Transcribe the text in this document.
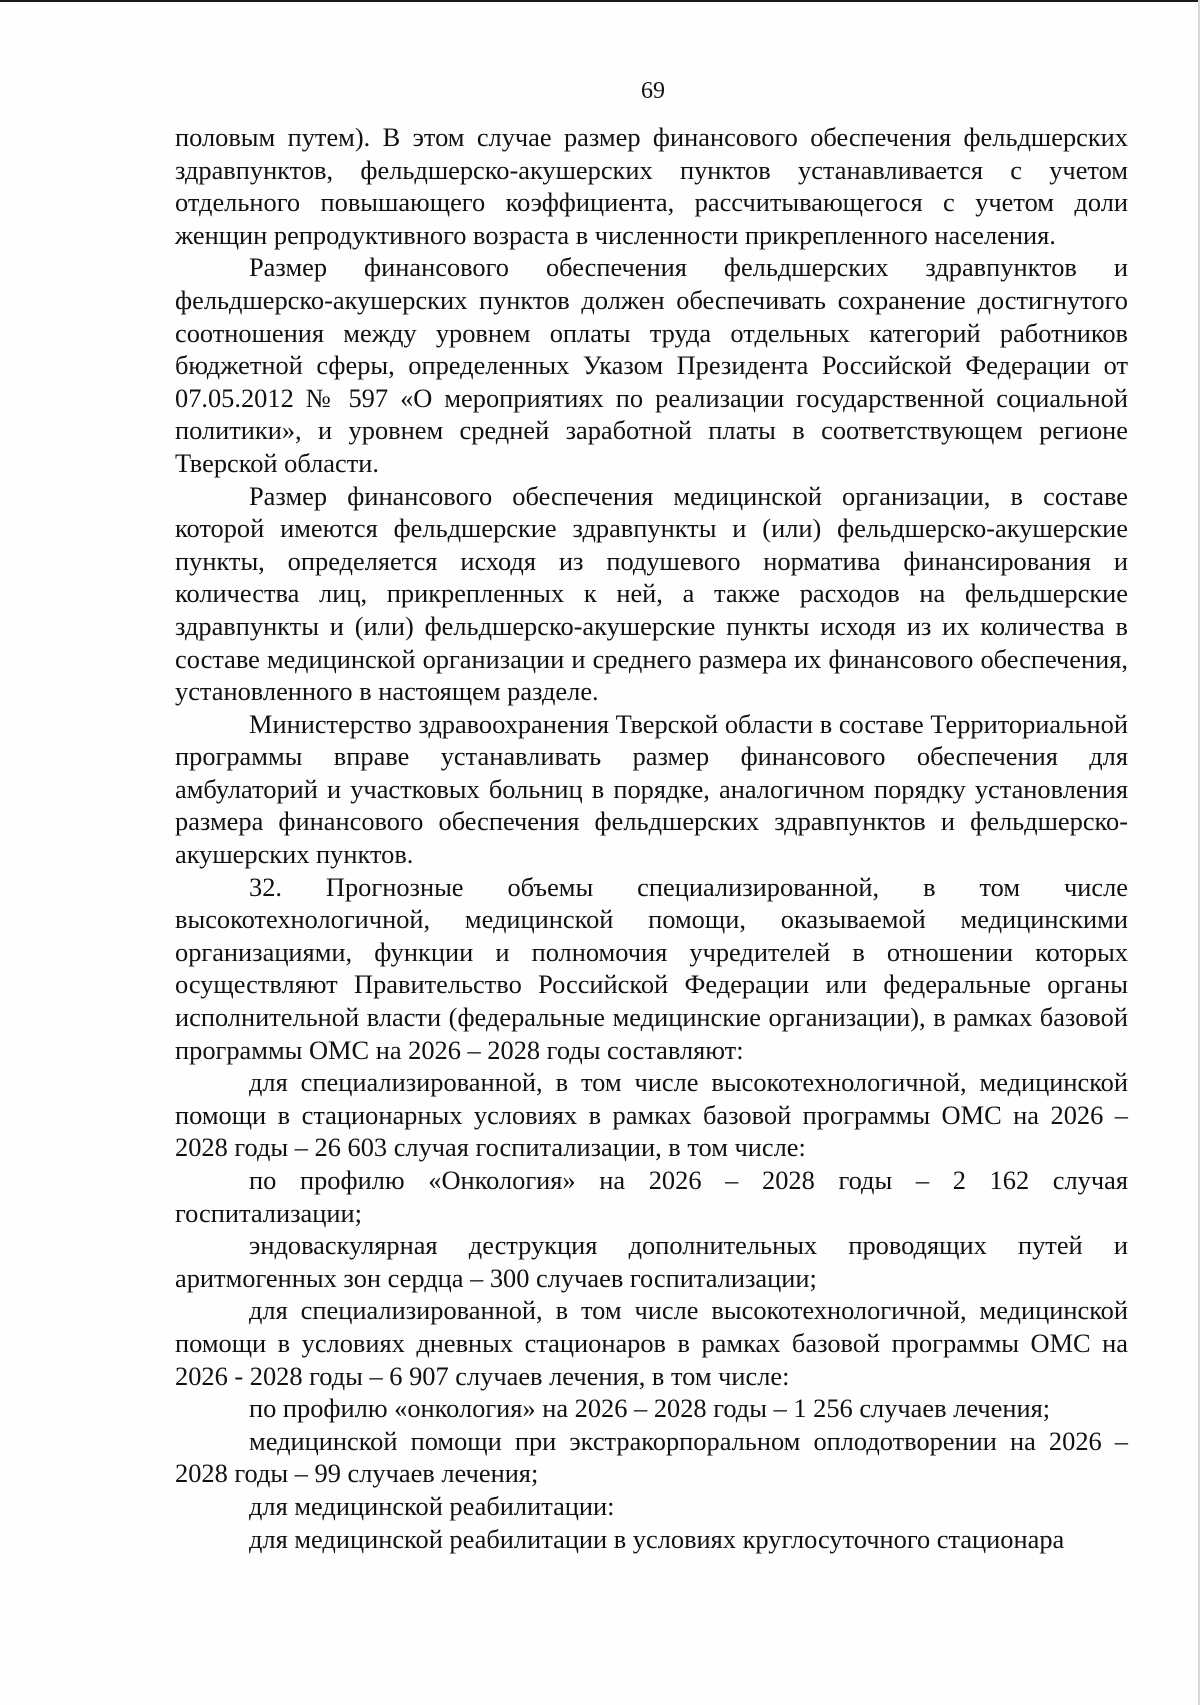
69

половым путем). В этом случае размер финансового обеспечения фельдшерских здравпунктов, фельдшерско-акушерских пунктов устанавливается с учетом отдельного повышающего коэффициента, рассчитывающегося с учетом доли женщин репродуктивного возраста в численности прикрепленного населения.

Размер финансового обеспечения фельдшерских здравпунктов и фельдшерско-акушерских пунктов должен обеспечивать сохранение достигнутого соотношения между уровнем оплаты труда отдельных категорий работников бюджетной сферы, определенных Указом Президента Российской Федерации от 07.05.2012 № 597 «О мероприятиях по реализации государственной социальной политики», и уровнем средней заработной платы в соответствующем регионе Тверской области.

Размер финансового обеспечения медицинской организации, в составе которой имеются фельдшерские здравпункты и (или) фельдшерско-акушерские пункты, определяется исходя из подушевого норматива финансирования и количества лиц, прикрепленных к ней, а также расходов на фельдшерские здравпункты и (или) фельдшерско-акушерские пункты исходя из их количества в составе медицинской организации и среднего размера их финансового обеспечения, установленного в настоящем разделе.

Министерство здравоохранения Тверской области в составе Территориальной программы вправе устанавливать размер финансового обеспечения для амбулаторий и участковых больниц в порядке, аналогичном порядку установления размера финансового обеспечения фельдшерских здравпунктов и фельдшерско-акушерских пунктов.

32. Прогнозные объемы специализированной, в том числе высокотехнологичной, медицинской помощи, оказываемой медицинскими организациями, функции и полномочия учредителей в отношении которых осуществляют Правительство Российской Федерации или федеральные органы исполнительной власти (федеральные медицинские организации), в рамках базовой программы ОМС на 2026 – 2028 годы составляют:

для специализированной, в том числе высокотехнологичной, медицинской помощи в стационарных условиях в рамках базовой программы ОМС на 2026 – 2028 годы – 26 603 случая госпитализации, в том числе:

по профилю «Онкология» на 2026 – 2028 годы – 2 162 случая госпитализации;

эндоваскулярная деструкция дополнительных проводящих путей и аритмогенных зон сердца – 300 случаев госпитализации;

для специализированной, в том числе высокотехнологичной, медицинской помощи в условиях дневных стационаров в рамках базовой программы ОМС на 2026 - 2028 годы – 6 907 случаев лечения, в том числе:

по профилю «онкология» на 2026 – 2028 годы – 1 256 случаев лечения;

медицинской помощи при экстракорпоральном оплодотворении на 2026 – 2028 годы – 99 случаев лечения;

для медицинской реабилитации:

для медицинской реабилитации в условиях круглосуточного стационара
